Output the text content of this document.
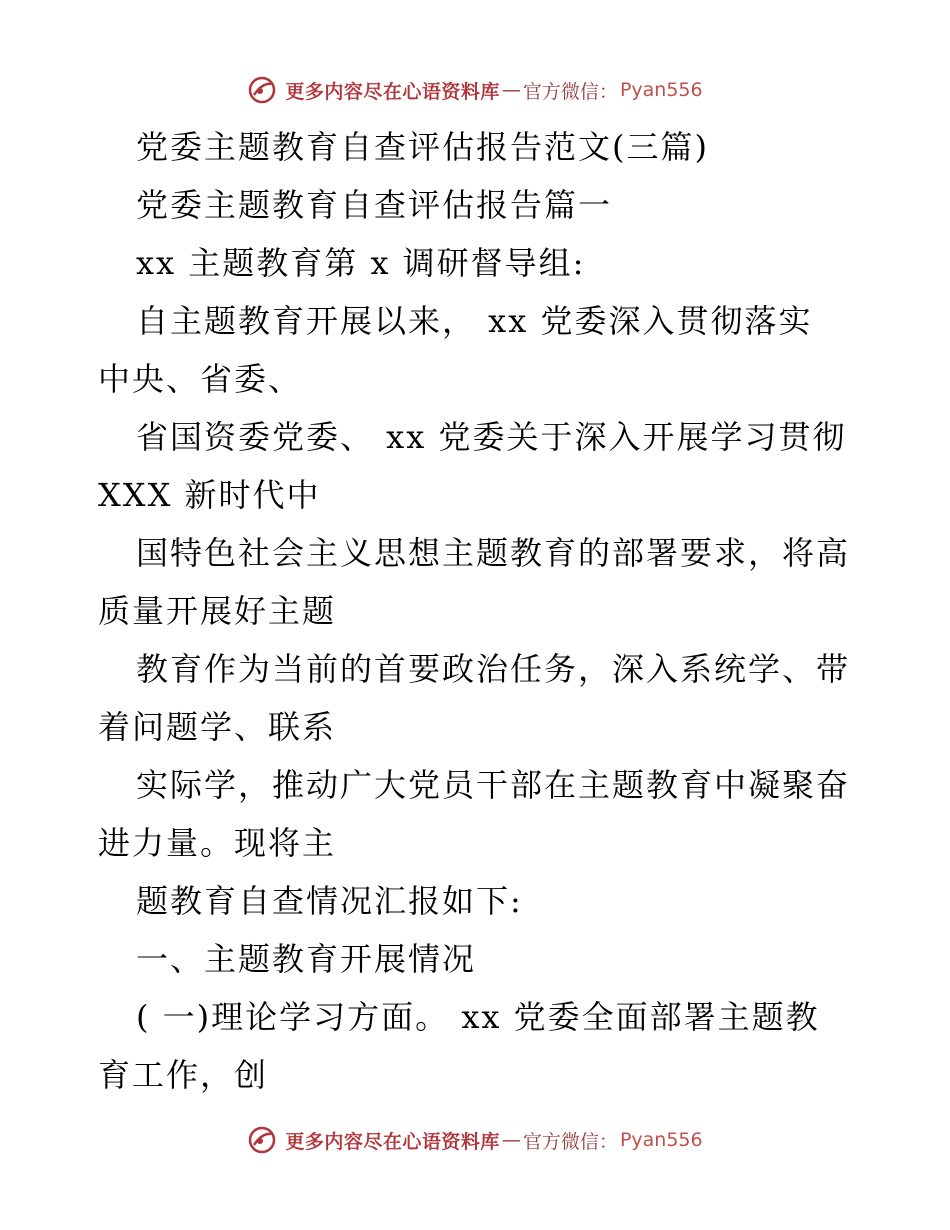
更多内容尽在心语资料库 — 官方微信： Pyan556
党委主题教育自查评估报告范文(三篇)
党委主题教育自查评估报告篇一
xx 主题教育第 x 调研督导组:
自主题教育开展以来， xx 党委深入贯彻落实
中央、省委、
省国资委党委、 xx 党委关于深入开展学习贯彻
XXX 新时代中
国特色社会主义思想主题教育的部署要求，将高
质量开展好主题
教育作为当前的首要政治任务，深入系统学、带
着问题学、联系
实际学，推动广大党员干部在主题教育中凝聚奋
进力量。现将主
题教育自查情况汇报如下:
一、主题教育开展情况
( 一)理论学习方面。 xx 党委全面部署主题教
育工作，创
更多内容尽在心语资料库 — 官方微信： Pyan556
